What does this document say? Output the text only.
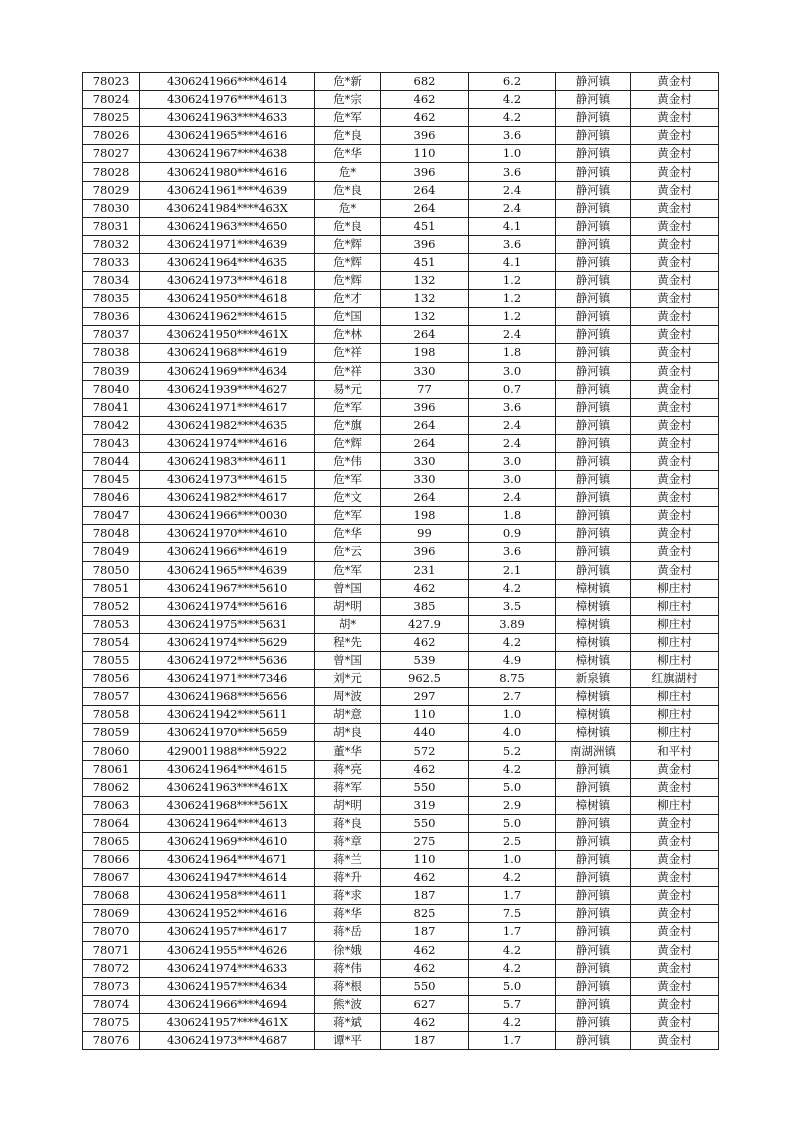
78023	4306241966****4614	危*新	682	6.2	静河镇	黄金村
78024	4306241976****4613	危*宗	462	4.2	静河镇	黄金村
78025	4306241963****4633	危*军	462	4.2	静河镇	黄金村
78026	4306241965****4616	危*良	396	3.6	静河镇	黄金村
78027	4306241967****4638	危*华	110	1.0	静河镇	黄金村
78028	4306241980****4616	危*	396	3.6	静河镇	黄金村
78029	4306241961****4639	危*良	264	2.4	静河镇	黄金村
78030	4306241984****463X	危*	264	2.4	静河镇	黄金村
78031	4306241963****4650	危*良	451	4.1	静河镇	黄金村
78032	4306241971****4639	危*辉	396	3.6	静河镇	黄金村
78033	4306241964****4635	危*辉	451	4.1	静河镇	黄金村
78034	4306241973****4618	危*辉	132	1.2	静河镇	黄金村
78035	4306241950****4618	危*才	132	1.2	静河镇	黄金村
78036	4306241962****4615	危*国	132	1.2	静河镇	黄金村
78037	4306241950****461X	危*林	264	2.4	静河镇	黄金村
78038	4306241968****4619	危*祥	198	1.8	静河镇	黄金村
78039	4306241969****4634	危*祥	330	3.0	静河镇	黄金村
78040	4306241939****4627	易*元	77	0.7	静河镇	黄金村
78041	4306241971****4617	危*军	396	3.6	静河镇	黄金村
78042	4306241982****4635	危*旗	264	2.4	静河镇	黄金村
78043	4306241974****4616	危*辉	264	2.4	静河镇	黄金村
78044	4306241983****4611	危*伟	330	3.0	静河镇	黄金村
78045	4306241973****4615	危*军	330	3.0	静河镇	黄金村
78046	4306241982****4617	危*文	264	2.4	静河镇	黄金村
78047	4306241966****0030	危*军	198	1.8	静河镇	黄金村
78048	4306241970****4610	危*华	99	0.9	静河镇	黄金村
78049	4306241966****4619	危*云	396	3.6	静河镇	黄金村
78050	4306241965****4639	危*军	231	2.1	静河镇	黄金村
78051	4306241967****5610	曾*国	462	4.2	樟树镇	柳庄村
78052	4306241974****5616	胡*明	385	3.5	樟树镇	柳庄村
78053	4306241975****5631	胡*	427.9	3.89	樟树镇	柳庄村
78054	4306241974****5629	程*先	462	4.2	樟树镇	柳庄村
78055	4306241972****5636	曾*国	539	4.9	樟树镇	柳庄村
78056	4306241971****7346	刘*元	962.5	8.75	新泉镇	红旗湖村
78057	4306241968****5656	周*波	297	2.7	樟树镇	柳庄村
78058	4306241942****5611	胡*意	110	1.0	樟树镇	柳庄村
78059	4306241970****5659	胡*良	440	4.0	樟树镇	柳庄村
78060	4290011988****5922	董*华	572	5.2	南湖洲镇	和平村
78061	4306241964****4615	蒋*亮	462	4.2	静河镇	黄金村
78062	4306241963****461X	蒋*军	550	5.0	静河镇	黄金村
78063	4306241968****561X	胡*明	319	2.9	樟树镇	柳庄村
78064	4306241964****4613	蒋*良	550	5.0	静河镇	黄金村
78065	4306241969****4610	蒋*章	275	2.5	静河镇	黄金村
78066	4306241964****4671	蒋*兰	110	1.0	静河镇	黄金村
78067	4306241947****4614	蒋*升	462	4.2	静河镇	黄金村
78068	4306241958****4611	蒋*求	187	1.7	静河镇	黄金村
78069	4306241952****4616	蒋*华	825	7.5	静河镇	黄金村
78070	4306241957****4617	蒋*岳	187	1.7	静河镇	黄金村
78071	4306241955****4626	徐*娥	462	4.2	静河镇	黄金村
78072	4306241974****4633	蒋*伟	462	4.2	静河镇	黄金村
78073	4306241957****4634	蒋*根	550	5.0	静河镇	黄金村
78074	4306241966****4694	熊*波	627	5.7	静河镇	黄金村
78075	4306241957****461X	蒋*斌	462	4.2	静河镇	黄金村
78076	4306241973****4687	谭*平	187	1.7	静河镇	黄金村
